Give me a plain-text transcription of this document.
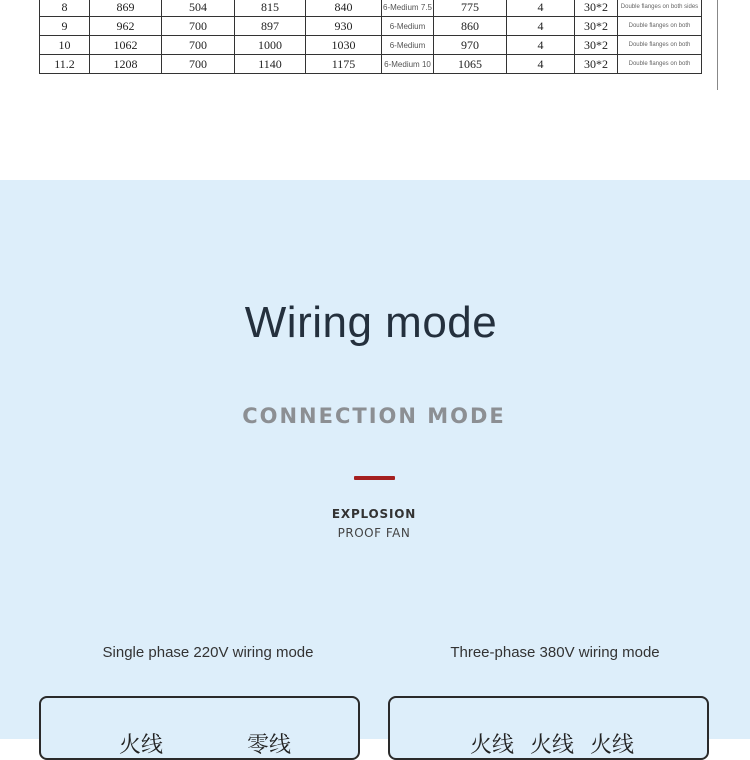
8	869	504	815	840	6-Medium 7.5	775	4	30*2	Double flanges on both sides
9	962	700	897	930	6-Medium	860	4	30*2	Double flanges on both
10	1062	700	1000	1030	6-Medium	970	4	30*2	Double flanges on both
11.2	1208	700	1140	1175	6-Medium 10	1065	4	30*2	Double flanges on both
Wiring mode
CONNECTION MODE
EXPLOSION
PROOF FAN
Single phase 220V wiring mode	Three-phase 380V wiring mode
火线	零线	火线 火线 火线
